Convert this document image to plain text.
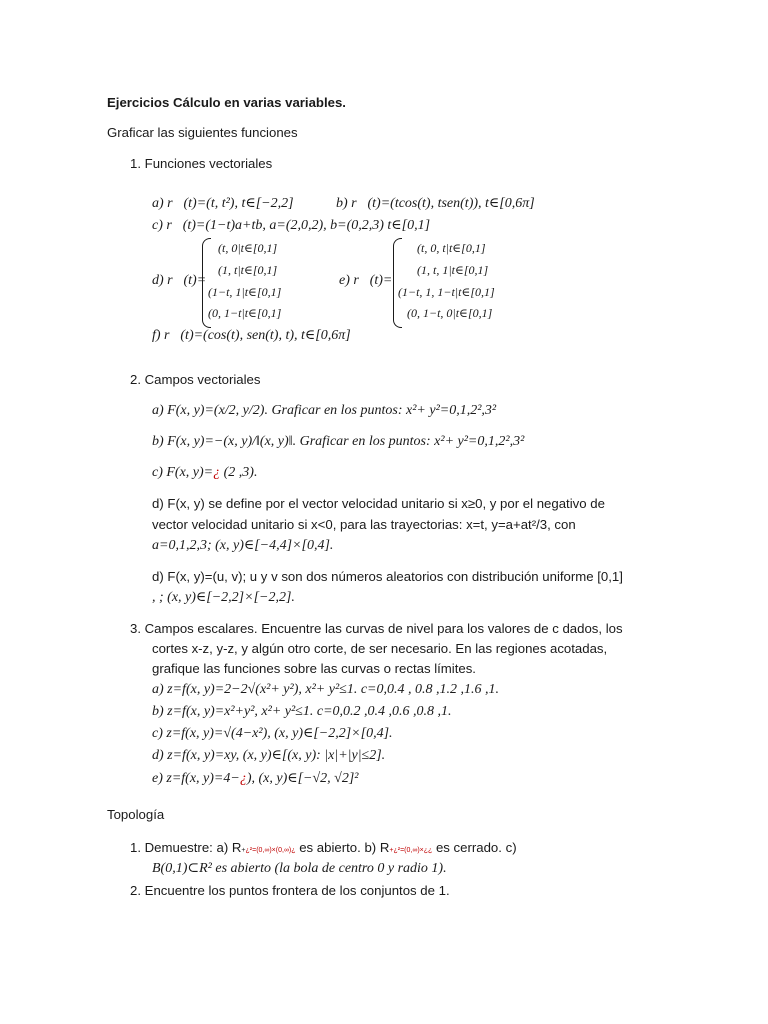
Ejercicios Cálculo en varias variables.
Graficar las siguientes funciones
1. Funciones vectoriales
a) r⃗(t)=(t, t²), t∈[−2,2]	b) r⃗(t)=(tcos(t), tsen(t)), t∈[0,6π]
c) r⃗(t)=(1−t)a+tb, a=(2,0,2), b=(0,2,3) t∈[0,1]
d) r⃗(t)=
(t, 0|t∈[0,1]
(1, t|t∈[0,1]
(1−t, 1|t∈[0,1]
(0, 1−t|t∈[0,1]
e) r⃗(t)=
(t, 0, t|t∈[0,1]
(1, t, 1|t∈[0,1]
(1−t, 1, 1−t|t∈[0,1]
(0, 1−t, 0|t∈[0,1]
f) r⃗(t)=(cos(t), sen(t), t), t∈[0,6π]
2. Campos vectoriales
a) F(x, y)=(x/2, y/2). Graficar en los puntos: x²+ y²=0,1,2²,3²
b) F(x, y)=−(x, y)/‖(x, y)‖. Graficar en los puntos: x²+ y²=0,1,2²,3²
c) F(x, y)=¿ (2 ,3).
d) F(x, y) se define por el vector velocidad unitario si x≥0, y por el negativo de
vector velocidad unitario si x<0, para las trayectorias: x=t, y=a+at²/3, con
a=0,1,2,3; (x, y)∈[−4,4]×[0,4].
d) F(x, y)=(u, v); u y v son dos números aleatorios con distribución uniforme [0,1]
, ; (x, y)∈[−2,2]×[−2,2].
3. Campos escalares. Encuentre las curvas de nivel para los valores de c dados, los
cortes x-z, y-z, y algún otro corte, de ser necesario. En las regiones acotadas,
grafique las funciones sobre las curvas o rectas límites.
a) z=f(x, y)=2−2√(x²+ y²), x²+ y²≤1. c=0,0.4 , 0.8 ,1.2 ,1.6 ,1.
b) z=f(x, y)=x²+y², x²+ y²≤1. c=0,0.2 ,0.4 ,0.6 ,0.8 ,1.
c) z=f(x, y)=√(4−x²), (x, y)∈[−2,2]×[0,4].
d) z=f(x, y)=xy, (x, y)∈[(x, y): |x|+|y|≤2].
e) z=f(x, y)=4−¿), (x, y)∈[−√2, √2]²
Topología
1. Demuestre: a) R+¿²=(0,∞)×(0,∞)¿ es abierto. b) R+¿²=(0,∞)×¿¿ es cerrado. c)
B(0,1)⊂R² es abierto (la bola de centro 0 y radio 1).
2. Encuentre los puntos frontera de los conjuntos de 1.
